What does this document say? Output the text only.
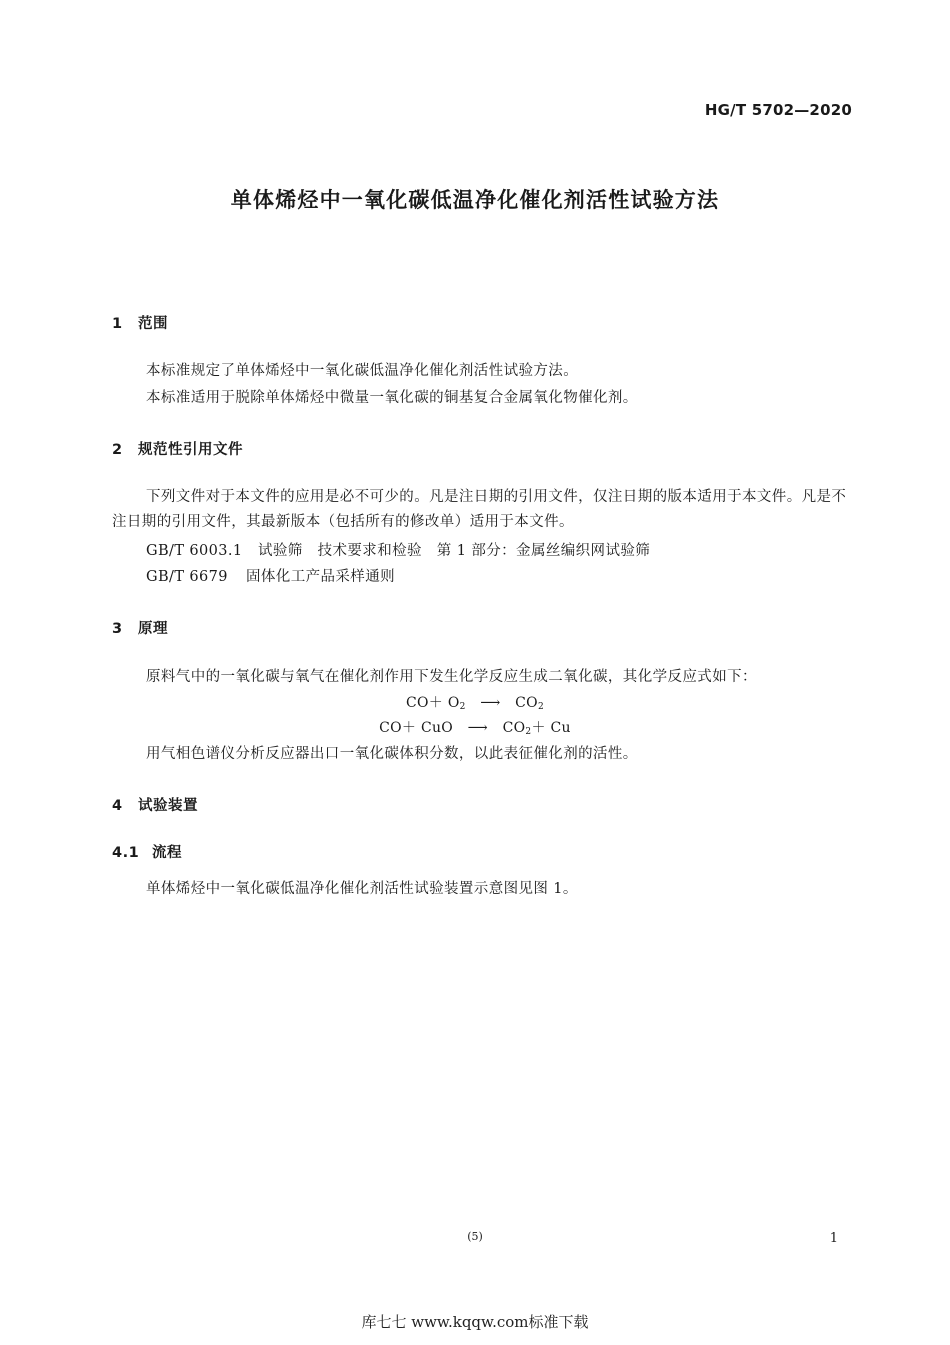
HG/T 5702—2020
单体烯烃中一氧化碳低温净化催化剂活性试验方法
1 范围
本标准规定了单体烯烃中一氧化碳低温净化催化剂活性试验方法。
本标准适用于脱除单体烯烃中微量一氧化碳的铜基复合金属氧化物催化剂。
2 规范性引用文件
下列文件对于本文件的应用是必不可少的。凡是注日期的引用文件，仅注日期的版本适用于本文件。凡是不注日期的引用文件，其最新版本（包括所有的修改单）适用于本文件。
GB/T 6003.1 试验筛　技术要求和检验　第 1 部分：金属丝编织网试验筛
GB/T 6679 固体化工产品采样通则
3 原理
原料气中的一氧化碳与氧气在催化剂作用下发生化学反应生成二氧化碳，其化学反应式如下：
$CO+ O_2$ ⟶ $CO_2$
CO＋ CuO ⟶ $CO_2+ Cu$
用气相色谱仪分析反应器出口一氧化碳体积分数，以此表征催化剂的活性。
4 试验装置
4.1 流程
单体烯烃中一氧化碳低温净化催化剂活性试验装置示意图见图 1。
(5)	1
库七七 www.kqqw.com标准下载
